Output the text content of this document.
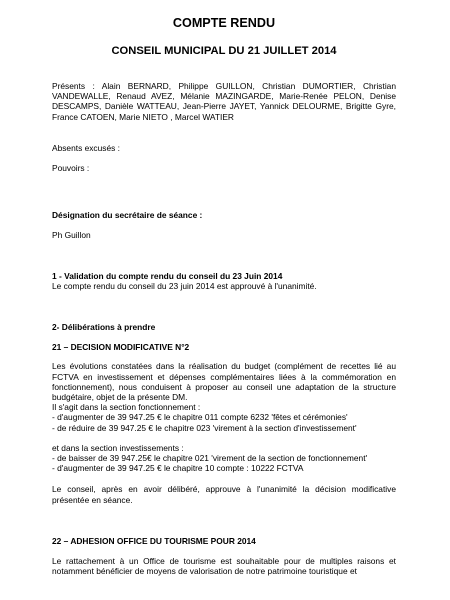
COMPTE RENDU

CONSEIL MUNICIPAL DU 21 JUILLET 2014

Présents : Alain BERNARD, Philippe GUILLON, Christian DUMORTIER, Christian VANDEWALLE, Renaud AVEZ, Mélanie MAZINGARDE, Marie-Renée PELON, Denise DESCAMPS, Danièle WATTEAU, Jean-Pierre JAYET, Yannick DELOURME, Brigitte Gyre, France CATOEN, Marie NIETO , Marcel WATIER

Absents excusés :

Pouvoirs :

Désignation du secrétaire de séance :

Ph Guillon

1 - Validation du compte rendu du conseil du 23 Juin 2014

Le compte rendu du conseil du 23 juin 2014 est approuvé à l'unanimité.

2- Délibérations à prendre

21 – DECISION MODIFICATIVE N°2

Les évolutions constatées dans la réalisation du budget (complément de recettes lié au FCTVA en investissement et dépenses complémentaires liées à la commémoration en fonctionnement), nous conduisent à proposer au conseil une adaptation de la structure budgétaire, objet de la présente DM.

Il s'agit dans la section fonctionnement :

- d'augmenter de 39 947.25 € le chapitre 011 compte 6232 'fêtes et cérémonies'

- de réduire de 39 947.25 € le chapitre 023 'virement à la section d'investissement'

et dans la section investissements :

- de baisser de 39 947.25€ le chapitre 021 'virement de la section de fonctionnement'

- d'augmenter de 39 947.25 € le chapitre 10 compte : 10222 FCTVA

Le conseil, après en avoir délibéré, approuve à l'unanimité la décision modificative présentée en séance.

22 – ADHESION OFFICE DU TOURISME POUR 2014

Le rattachement à un Office de tourisme est souhaitable pour de multiples raisons et notamment bénéficier de moyens de valorisation de notre patrimoine touristique et
